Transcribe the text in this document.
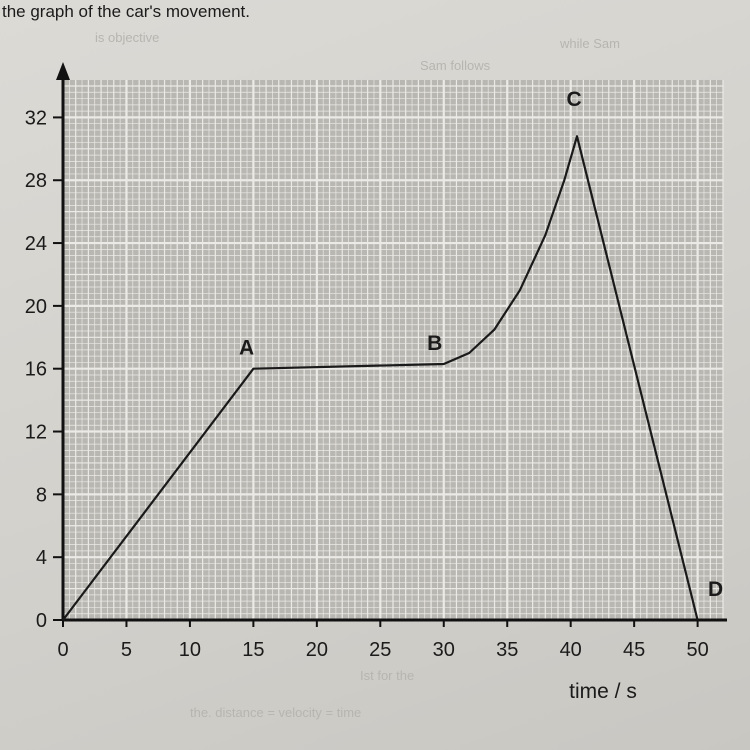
the graph of the car's movement.
is objective
Sam follows
while Sam
Ist for the
the. distance = velocity = time
0
4
8
12
16
20
24
28
32
0	5 10 15 20 25 30 35 40 45 50
A	B
C
D
time / s
